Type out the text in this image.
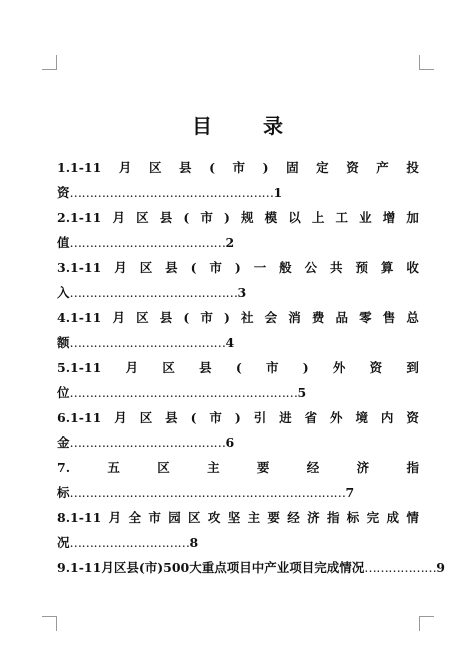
目 录
1.1-11 月 区 县 ( 市 ) 固 定 资 产 投
资……………………………………………1
2.1-11 月 区 县 ( 市 ) 规 模 以 上 工 业 增 加
值…………………………………2
3.1-11 月 区 县 ( 市 ) 一 般 公 共 预 算 收
入……………………………………3
4.1-11 月 区 县 ( 市 ) 社 会 消 费 品 零 售 总
额…………………………………4
5.1-11 月 区 县 ( 市 ) 外 资 到
位…………………………………………………5
6.1-11 月 区 县 ( 市 ) 引 进 省 外 境 内 资
金…………………………………6
7.	五	区	主	要	经	济	指
标……………………………………………………………7
8.1-11 月 全 市 园 区 攻 坚 主 要 经 济 指 标 完 成 情
况…………………………8
9.1-11月区县(市)500大重点项目中产业项目完成情况 ……………… 9
